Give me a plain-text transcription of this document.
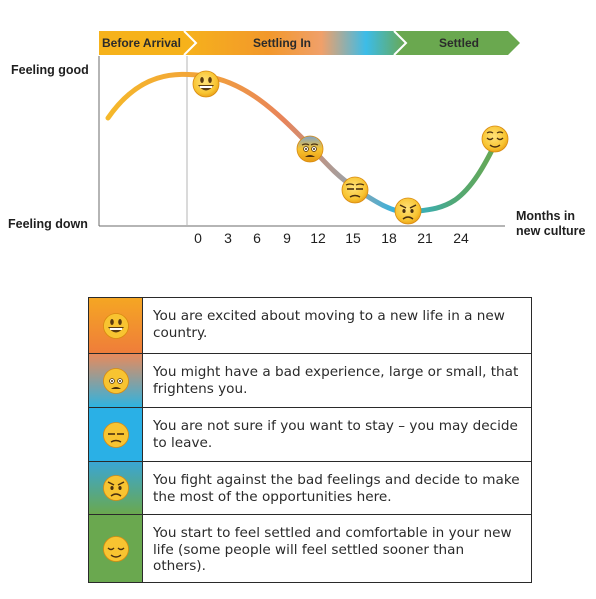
Before Arrival	Settling In	Settled
Feeling good
Feeling down
Months in
new culture
0 3 6 9 12 15 18 21 24
You are excited about moving to a new life in a new country.
You might have a bad experience, large or small, that frightens you.
You are not sure if you want to stay – you may decide to leave.
You fight against the bad feelings and decide to make the most of the opportunities here.
You start to feel settled and comfortable in your new life (some people will feel settled sooner than others).
